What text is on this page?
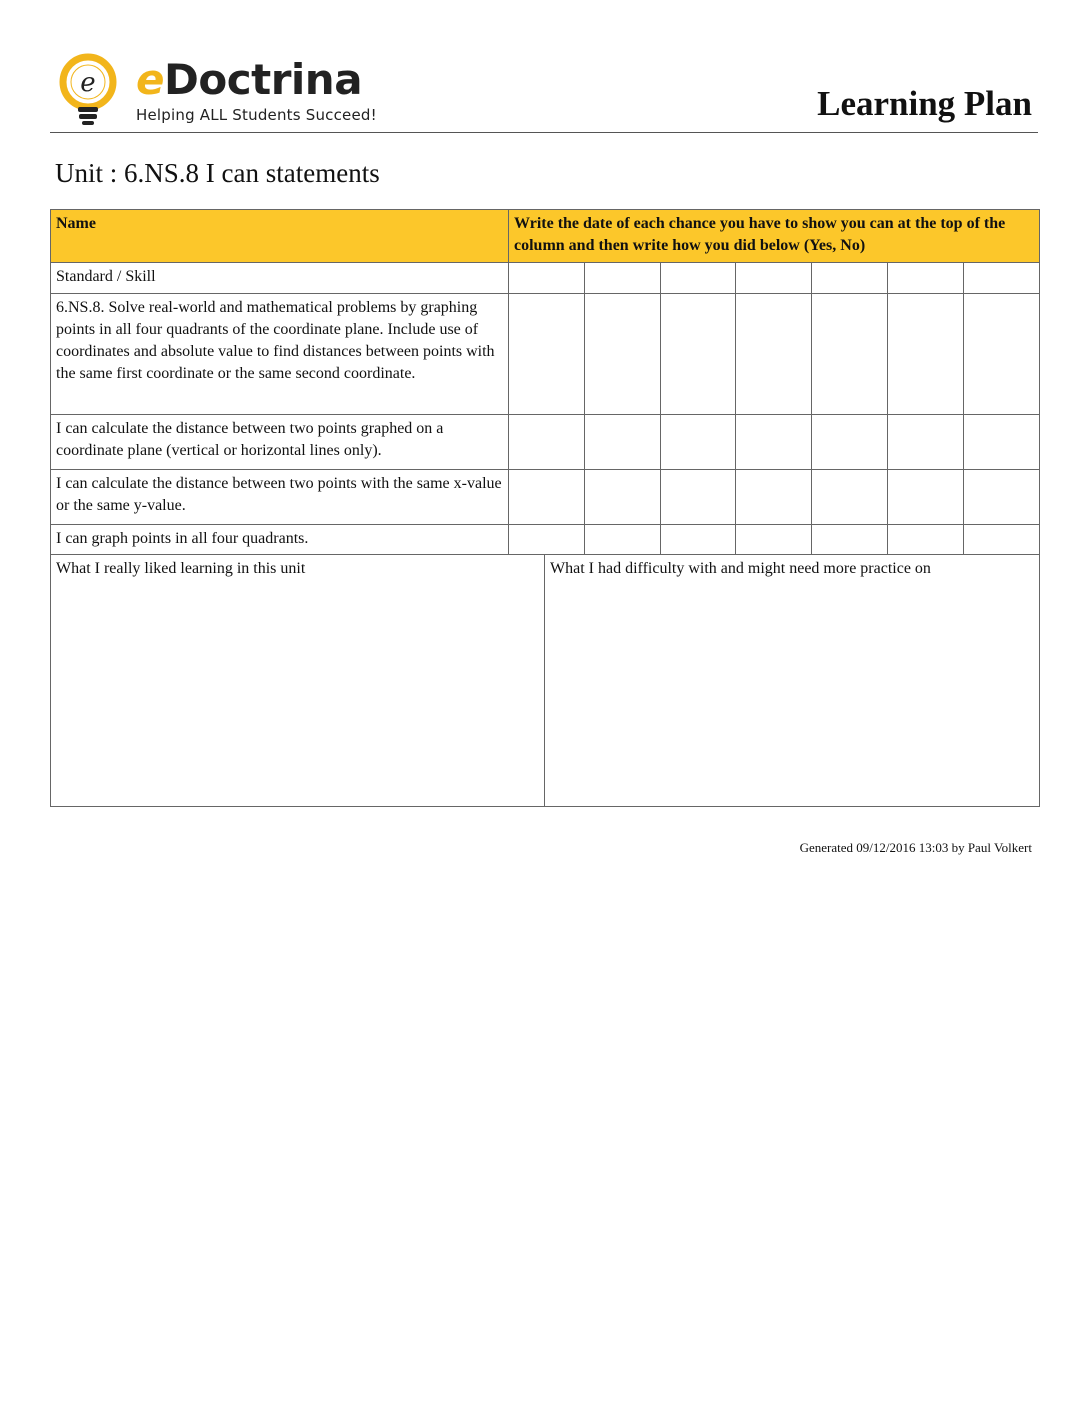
e eDoctrina
Helping ALL Students Succeed!	Learning Plan
Unit : 6.NS.8 I can statements
Name	Write the date of each chance you have to show you can at the top of the column and then write how you did below (Yes, No)						
Standard / Skill							
6.NS.8. Solve real-world and mathematical problems by graphing points in all four quadrants of the coordinate plane. Include use of coordinates and absolute value to find distances between points with the same first coordinate or the same second coordinate.							
I can calculate the distance between two points graphed on a coordinate plane (vertical or horizontal lines only).							
I can calculate the distance between two points with the same x-value or the same y-value.							
I can graph points in all four quadrants.							
What I really liked learning in this unit	What I had difficulty with and might need more practice on
Generated 09/12/2016 13:03 by Paul Volkert
